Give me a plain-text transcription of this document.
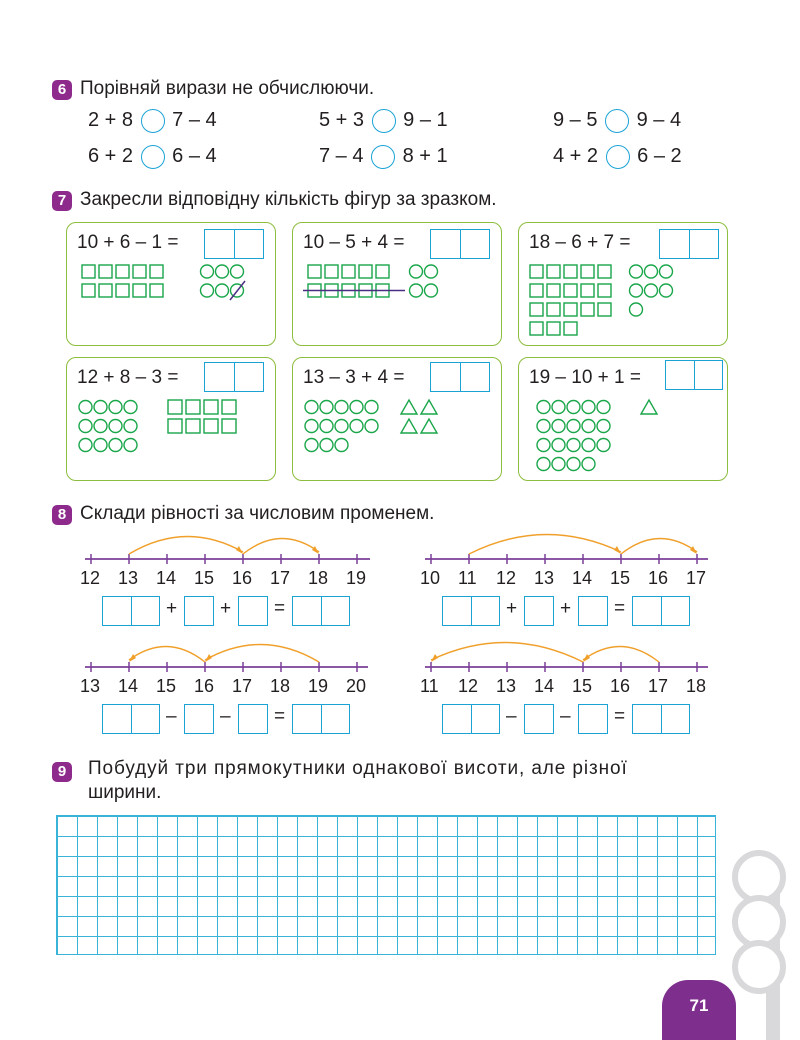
6 Порівняй вирази не обчислюючи.
2 + 8 7 – 4	5 + 3 9 – 1	9 – 5 9 – 4
6 + 2 6 – 4	7 – 4 8 + 1	4 + 2 6 – 2
7 Закресли відповідну кількість фігур за зразком.
10 + 6 – 1 =	10 – 5 + 4 =	18 – 6 + 7 =
12 + 8 – 3 =	13 – 3 + 4 =	19 – 10 + 1 =
8 Склади рівності за числовим променем.
12 13 14 15 16 17 18 19
+ + =
10 11 12 13 14 15 16 17
+ + =
13 14 15 16 17 18 19 20
– – =
11 12 13 14 15 16 17 18
– – =
9	Побудуй три прямокутники однакової висоти, але різної
ширини.
71
